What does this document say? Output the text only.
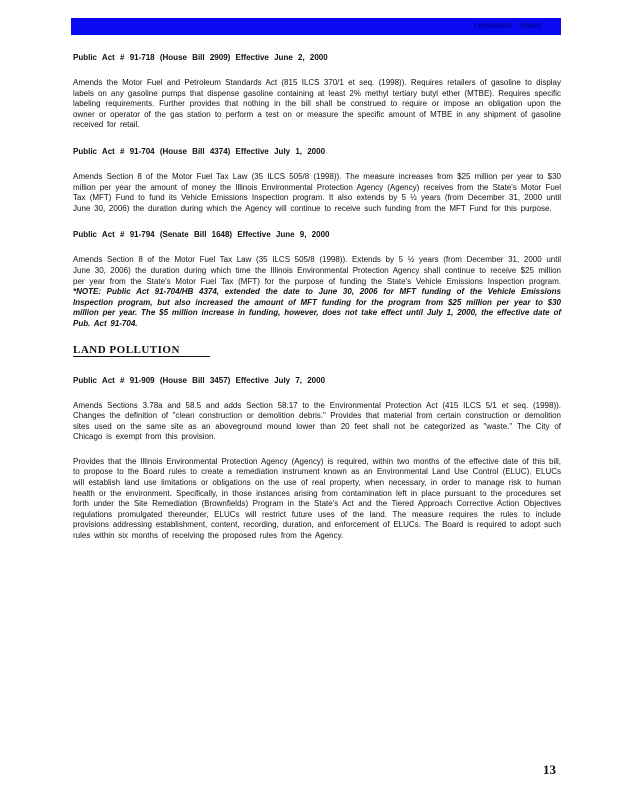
Legislative Notes

Public Act # 91-718 (House Bill 2909) Effective June 2, 2000

Amends the Motor Fuel and Petroleum Standards Act (815 ILCS 370/1 et seq. (1998)). Requires retailers of gasoline to display labels on any gasoline pumps that dispense gasoline containing at least 2% methyl tertiary butyl ether (MTBE). Requires specific labeling requirements. Further provides that nothing in the bill shall be construed to require or impose an obligation upon the owner or operator of the gas station to perform a test on or measure the specific amount of MTBE in any shipment of gasoline received for retail.

Public Act # 91-704 (House Bill 4374) Effective July 1, 2000

Amends Section 8 of the Motor Fuel Tax Law (35 ILCS 505/8 (1998)). The measure increases from $25 million per year to $30 million per year the amount of money the Illinois Environmental Protection Agency (Agency) receives from the State's Motor Fuel Tax (MFT) Fund to fund its Vehicle Emissions Inspection program. It also extends by 5 ½ years (from December 31, 2000 until June 30, 2006) the duration during which the Agency will continue to receive such funding from the MFT Fund for this purpose.

Public Act # 91-794 (Senate Bill 1648) Effective June 9, 2000

Amends Section 8 of the Motor Fuel Tax Law (35 ILCS 505/8 (1998)). Extends by 5 ½ years (from December 31, 2000 until June 30, 2006) the duration during which time the Illinois Environmental Protection Agency shall continue to receive $25 million per year from the State's Motor Fuel Tax (MFT) for the purpose of funding the State's Vehicle Emissions Inspection program. *NOTE: Public Act 91-704/HB 4374, extended the date to June 30, 2006 for MFT funding of the Vehicle Emissions Inspection program, but also increased the amount of MFT funding for the program from $25 million per year to $30 million per year. The $5 million increase in funding, however, does not take effect until July 1, 2000, the effective date of Pub. Act 91-704.

LAND POLLUTION

Public Act # 91-909 (House Bill 3457) Effective July 7, 2000

Amends Sections 3.78a and 58.5 and adds Section 58.17 to the Environmental Protection Act (415 ILCS 5/1 et seq. (1998)). Changes the definition of "clean construction or demolition debris." Provides that material from certain construction or demolition sites used on the same site as an aboveground mound lower than 20 feet shall not be categorized as "waste." The City of Chicago is exempt from this provision.

Provides that the Illinois Environmental Protection Agency (Agency) is required, within two months of the effective date of this bill, to propose to the Board rules to create a remediation instrument known as an Environmental Land Use Control (ELUC). ELUCs will establish land use limitations or obligations on the use of real property, when necessary, in order to manage risk to human health or the environment. Specifically, in those instances arising from contamination left in place pursuant to the procedures set forth under the Site Remediation (Brownfields) Program in the State's Act and the Tiered Approach Corrective Action Objectives regulations promulgated thereunder, ELUCs will restrict future uses of the land. The measure requires the rules to include provisions addressing establishment, content, recording, duration, and enforcement of ELUCs. The Board is required to adopt such rules within six months of receiving the proposed rules from the Agency.

13
